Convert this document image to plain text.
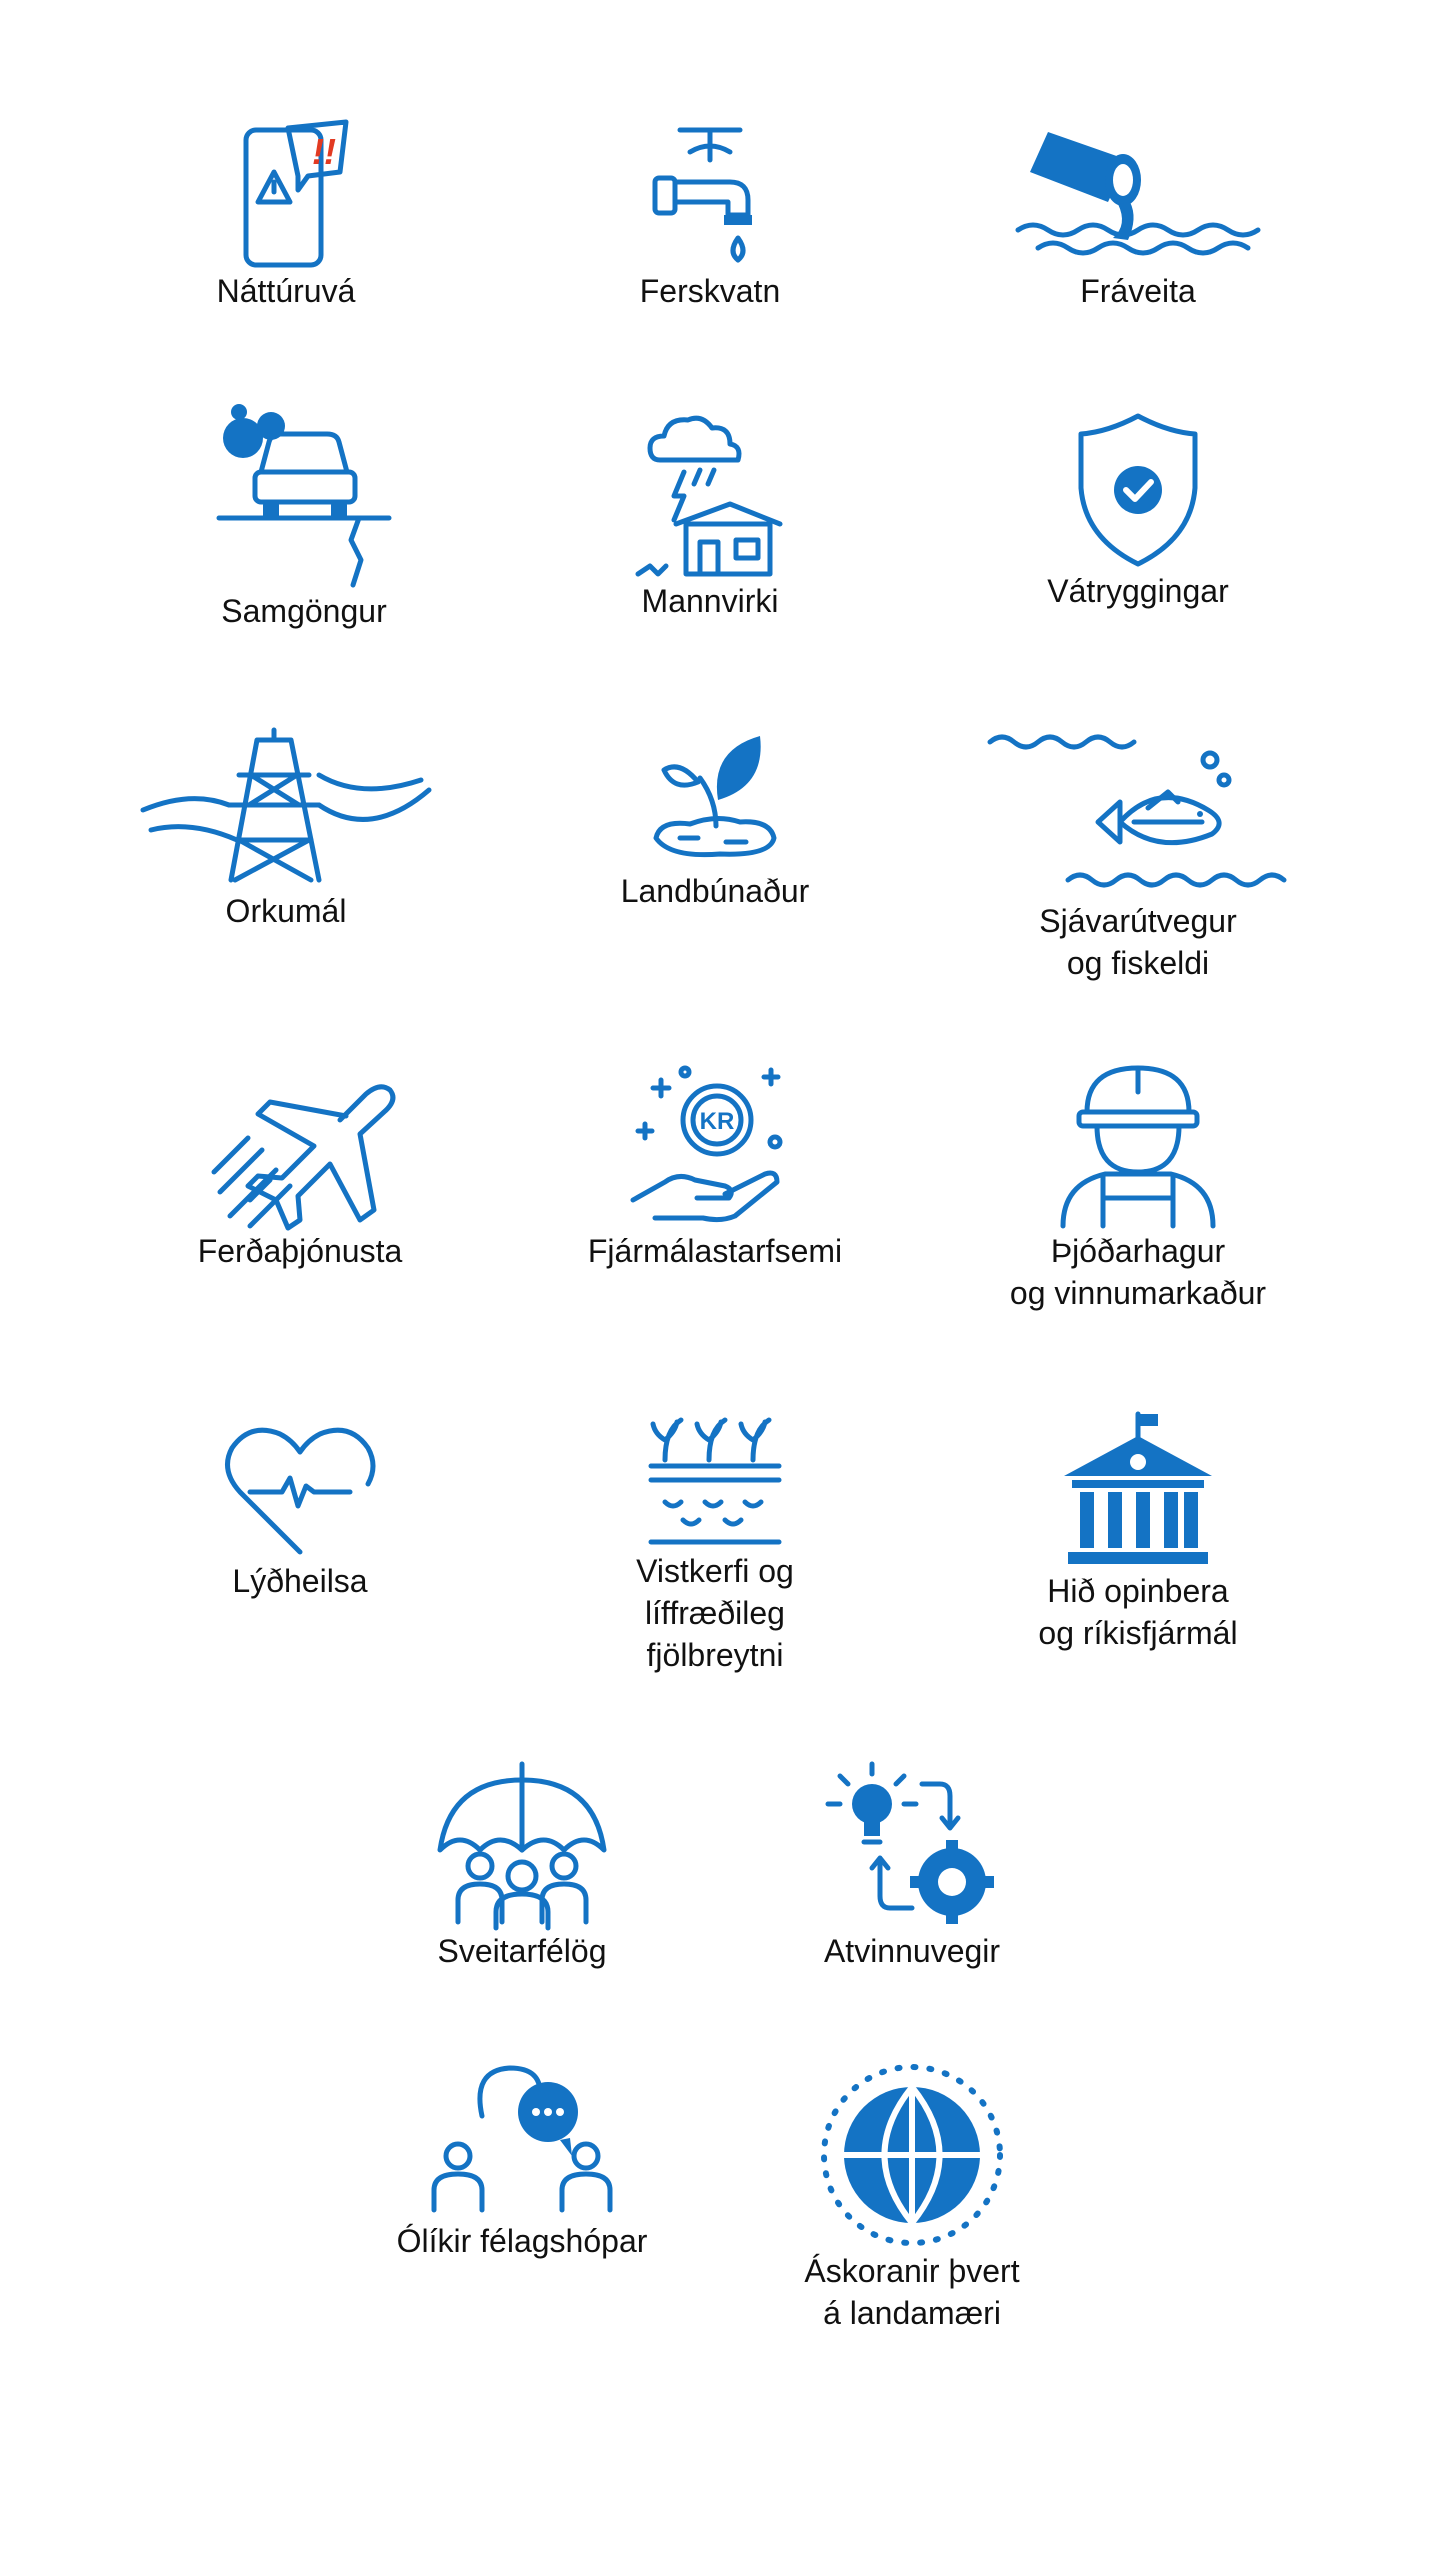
!!
Náttúruvá	Ferskvatn	Fráveita
Samgöngur	Mannvirki	Vátryggingar
Orkumál
Landbúnaður
Sjávarútvegur
og fiskeldi
Ferðaþjónusta
KR
Fjármálastarfsemi	Þjóðarhagur
og vinnumarkaður
Lýðheilsa	Vistkerfi og
líffræðileg
fjölbreytni
Hið opinbera
og ríkisfjármál
Sveitarfélög	Atvinnuvegir
Ólíkir félagshópar
Áskoranir þvert
á landamæri
